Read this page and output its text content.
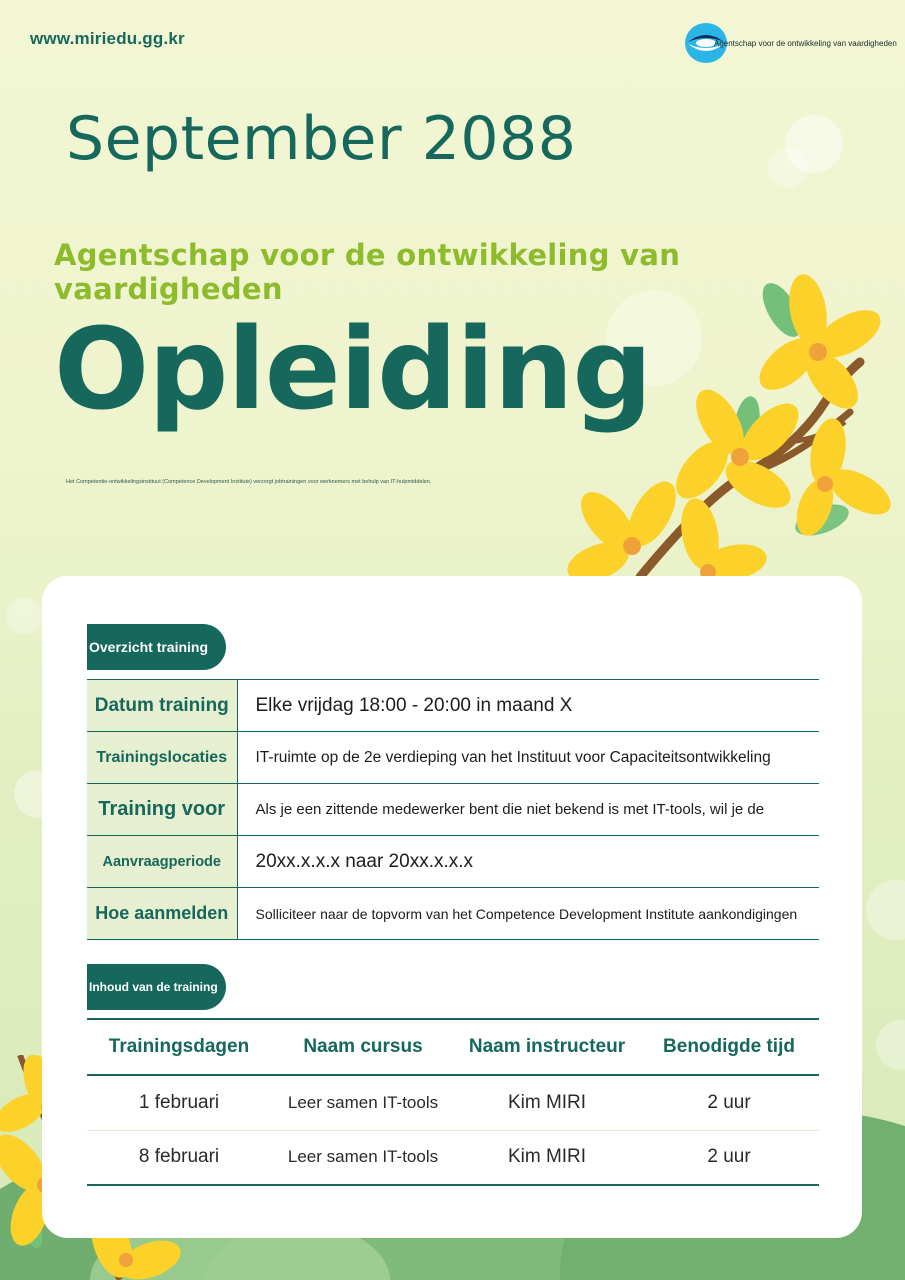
www.miriedu.gg.kr	Agentschap voor de ontwikkeling van vaardigheden
September 2088
Agentschap voor de ontwikkeling van vaardigheden
Opleiding
Het Competentie-ontwikkelingsinstituut (Competence Development Institute) verzorgt jobtrainingen voor werknemers met behulp van IT-hulpmiddelen.
Overzicht training
Datum training	Elke vrijdag 18:00 - 20:00 in maand X
Trainingslocaties	IT-ruimte op de 2e verdieping van het Instituut voor Capaciteitsontwikkeling
Training voor	Als je een zittende medewerker bent die niet bekend is met IT-tools, wil je de
Aanvraagperiode	20xx.x.x.x naar 20xx.x.x.x
Hoe aanmelden	Solliciteer naar de topvorm van het Competence Development Institute aankondigingen
Inhoud van de training
Trainingsdagen	Naam cursus	Naam instructeur	Benodigde tijd
1 februari	Leer samen IT-tools	Kim MIRI	2 uur
8 februari	Leer samen IT-tools	Kim MIRI	2 uur
